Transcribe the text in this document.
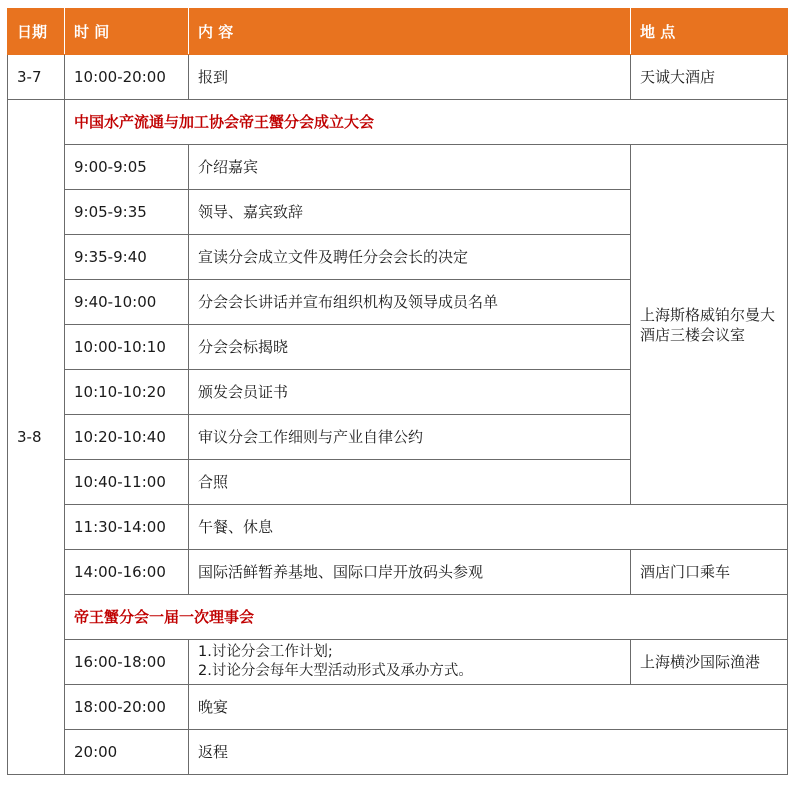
日期	时 间	内 容	地 点
3-7	10:00-20:00	报到	天诚大酒店
3-8	中国水产流通与加工协会帝王蟹分会成立大会		
	9:00-9:05	介绍嘉宾	上海斯格威铂尔曼大酒店三楼会议室
	9:05-9:35	领导、嘉宾致辞	
	9:35-9:40	宣读分会成立文件及聘任分会会长的决定	
	9:40-10:00	分会会长讲话并宣布组织机构及领导成员名单	
	10:00-10:10	分会会标揭晓	
	10:10-10:20	颁发会员证书	
	10:20-10:40	审议分会工作细则与产业自律公约	
	10:40-11:00	合照	
	11:30-14:00	午餐、休息	
	14:00-16:00	国际活鲜暂养基地、国际口岸开放码头参观	酒店门口乘车
	帝王蟹分会一届一次理事会		
	16:00-18:00	1.讨论分会工作计划;
2.讨论分会每年大型活动形式及承办方式。	上海横沙国际渔港
	18:00-20:00	晚宴	
	20:00	返程	
